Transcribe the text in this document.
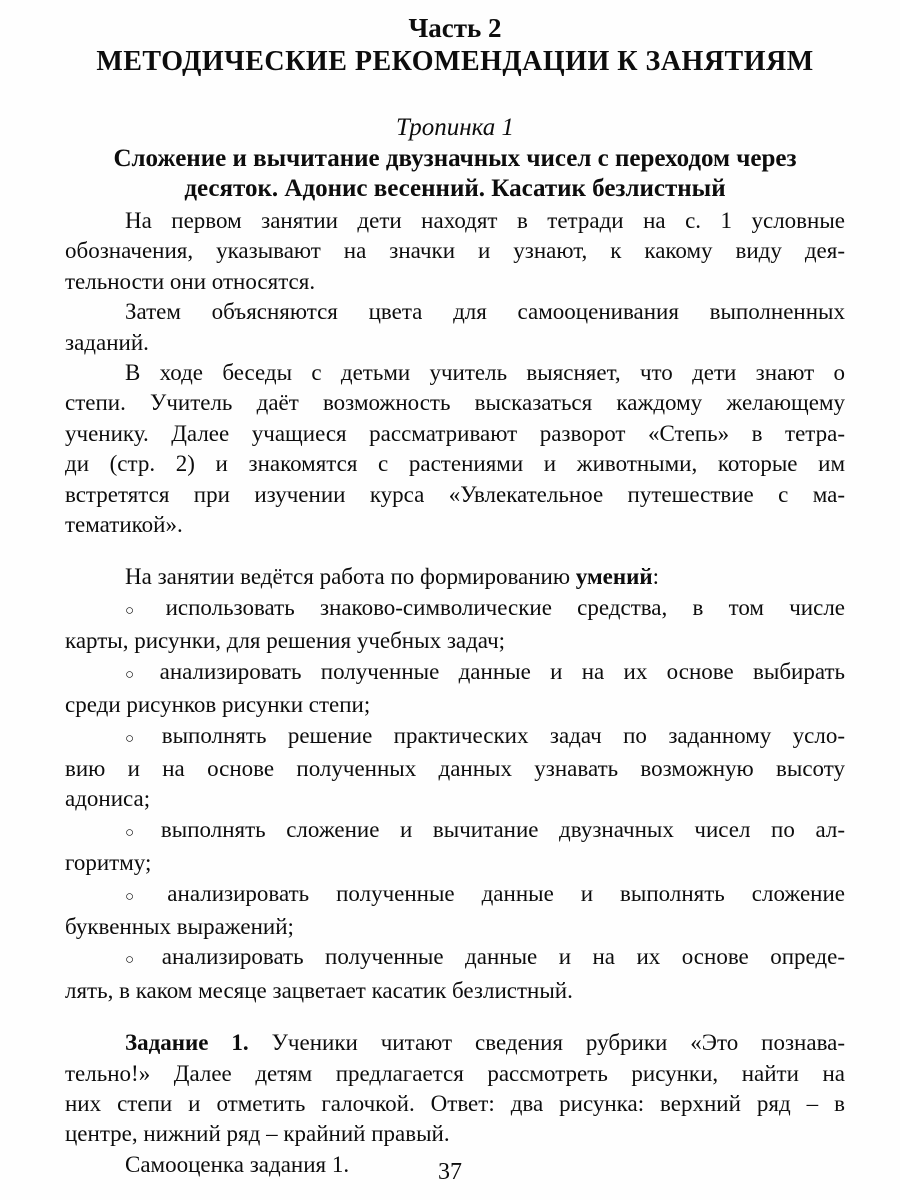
Часть 2
МЕТОДИЧЕСКИЕ РЕКОМЕНДАЦИИ К ЗАНЯТИЯМ
Тропинка 1
Сложение и вычитание двузначных чисел с переходом через
десяток. Адонис весенний. Касатик безлистный
На первом занятии дети находят в тетради на с. 1 условные
обозначения, указывают на значки и узнают, к какому виду дея-
тельности они относятся.
Затем объясняются цвета для самооценивания выполненных
заданий.
В ходе беседы с детьми учитель выясняет, что дети знают о
степи. Учитель даёт возможность высказаться каждому желающему
ученику. Далее учащиеся рассматривают разворот «Степь» в тетра-
ди (стр. 2) и знакомятся с растениями и животными, которые им
встретятся при изучении курса «Увлекательное путешествие с ма-
тематикой».
На занятии ведётся работа по формированию умений:
○ использовать знаково-символические средства, в том числе
карты, рисунки, для решения учебных задач;
○ анализировать полученные данные и на их основе выбирать
среди рисунков рисунки степи;
○ выполнять решение практических задач по заданному усло-
вию и на основе полученных данных узнавать возможную высоту
адониса;
○ выполнять сложение и вычитание двузначных чисел по ал-
горитму;
○ анализировать полученные данные и выполнять сложение
буквенных выражений;
○ анализировать полученные данные и на их основе опреде-
лять, в каком месяце зацветает касатик безлистный.
Задание 1. Ученики читают сведения рубрики «Это познава-
тельно!» Далее детям предлагается рассмотреть рисунки, найти на
них степи и отметить галочкой. Ответ: два рисунка: верхний ряд – в
центре, нижний ряд – крайний правый.
Самооценка задания 1.	37
